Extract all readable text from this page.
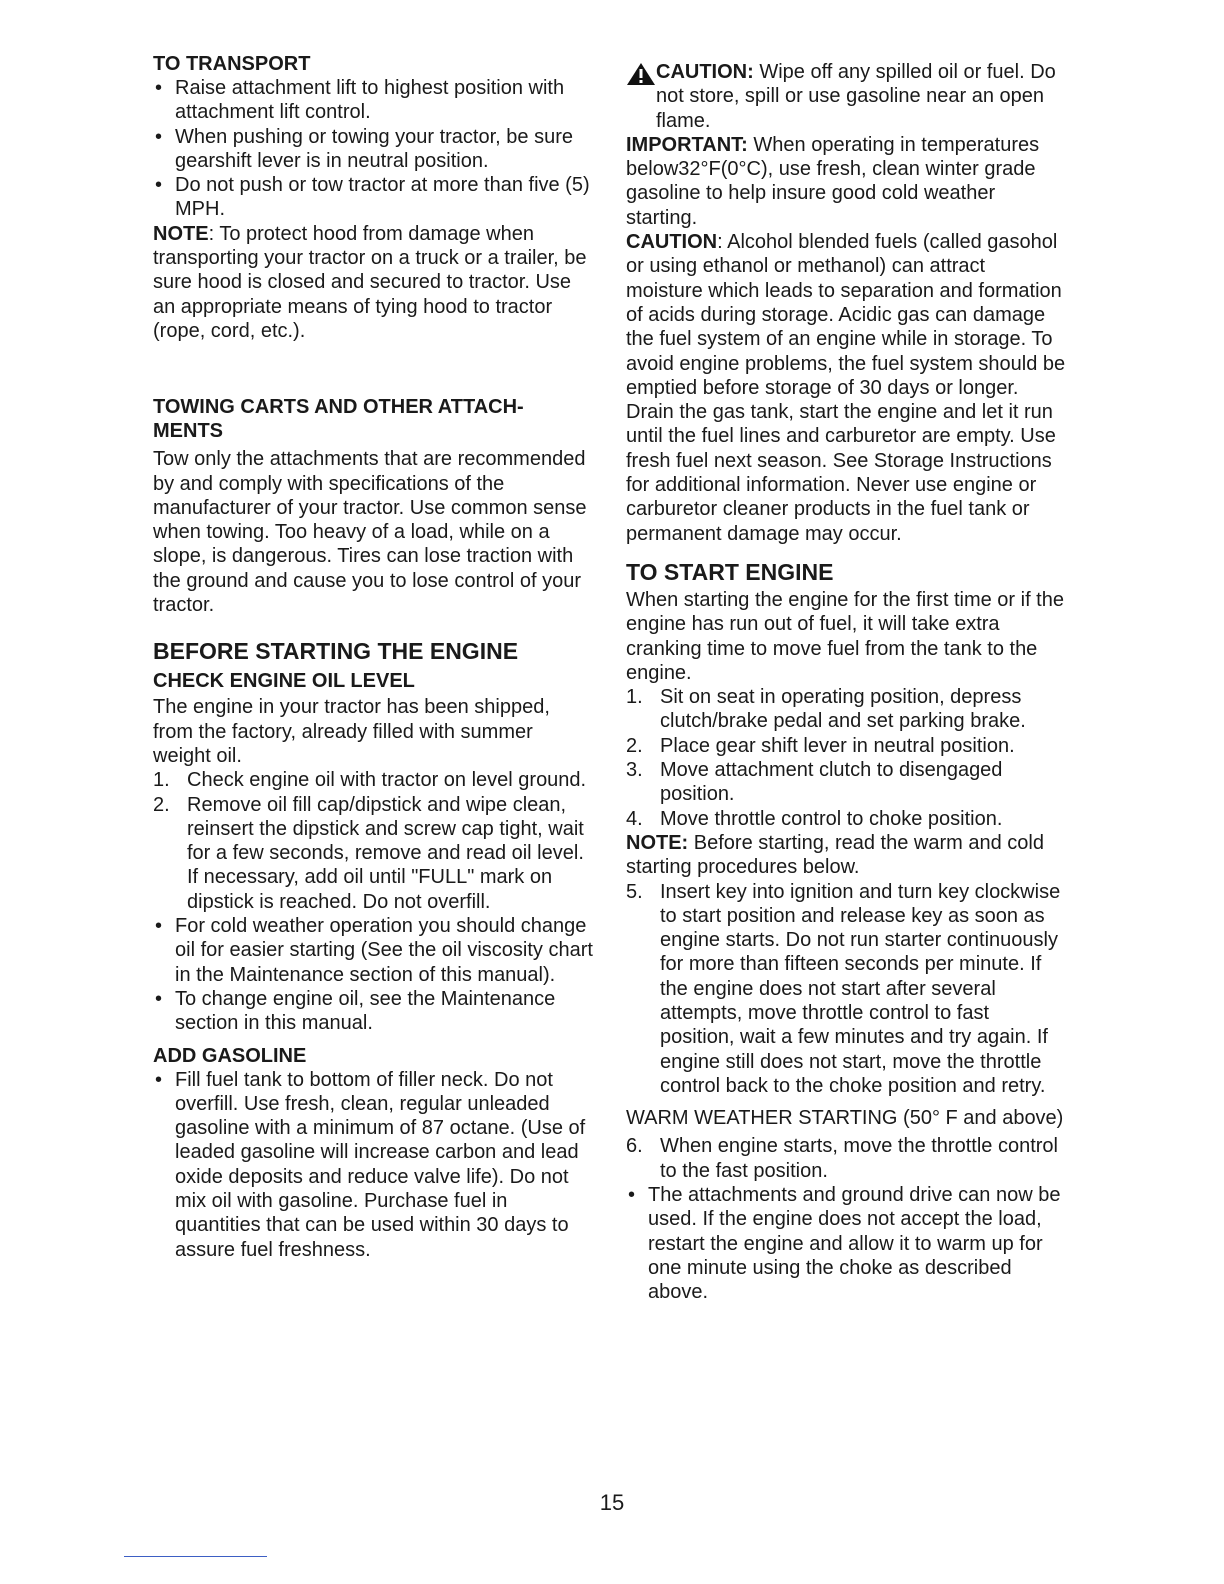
TO TRANSPORT
• Raise attachment lift to highest position with attachment lift control.
• When pushing or towing your tractor, be sure gearshift lever is in neutral position.
• Do not push or tow tractor at more than five (5) MPH.

NOTE: To protect hood from damage when transporting your tractor on a truck or a trailer, be sure hood is closed and secured to tractor. Use an appropriate means of tying hood to tractor (rope, cord, etc.).

TOWING CARTS AND OTHER ATTACH- MENTS

Tow only the attachments that are recommended by and comply with specifications of the manufacturer of your tractor. Use common sense when towing. Too heavy of a load, while on a slope, is dangerous. Tires can lose traction with the ground and cause you to lose control of your tractor.

BEFORE STARTING THE ENGINE
CHECK ENGINE OIL LEVEL

The engine in your tractor has been shipped, from the factory, already filled with summer weight oil.

1. Check engine oil with tractor on level ground.
2. Remove oil fill cap/dipstick and wipe clean, reinsert the dipstick and screw cap tight, wait for a few seconds, remove and read oil level. If necessary, add oil until "FULL" mark on dipstick is reached. Do not overfill.
• For cold weather operation you should change oil for easier starting (See the oil viscosity chart in the Maintenance section of this manual).
• To change engine oil, see the Maintenance section in this manual.
ADD GASOLINE
• Fill fuel tank to bottom of filler neck. Do not overfill. Use fresh, clean, regular unleaded gasoline with a minimum of 87 octane. (Use of leaded gasoline will increase carbon and lead oxide deposits and reduce valve life). Do not mix oil with gasoline. Purchase fuel in quantities that can be used within 30 days to assure fuel freshness.

CAUTION: Wipe off any spilled oil or fuel. Do not store, spill or use gasoline near an open flame.

IMPORTANT: When operating in temperatures below32°F(0°C), use fresh, clean winter grade gasoline to help insure good cold weather starting.

CAUTION: Alcohol blended fuels (called gasohol or using ethanol or methanol) can attract moisture which leads to separation and formation of acids during storage. Acidic gas can damage the fuel system of an engine while in storage. To avoid engine problems, the fuel system should be emptied before storage of 30 days or longer. Drain the gas tank, start the engine and let it run until the fuel lines and carburetor are empty. Use fresh fuel next season. See Storage Instructions for additional information. Never use engine or carburetor cleaner products in the fuel tank or permanent damage may occur.

TO START ENGINE

When starting the engine for the first time or if the engine has run out of fuel, it will take extra cranking time to move fuel from the tank to the engine.

1. Sit on seat in operating position, depress clutch/brake pedal and set parking brake.
2. Place gear shift lever in neutral position.
3. Move attachment clutch to disengaged position.
4. Move throttle control to choke position.

NOTE: Before starting, read the warm and cold starting procedures below.

5. Insert key into ignition and turn key clockwise to start position and release key as soon as engine starts. Do not run starter continuously for more than fifteen seconds per minute. If the engine does not start after several attempts, move throttle control to fast position, wait a few minutes and try again. If engine still does not start, move the throttle control back to the choke position and retry.

WARM WEATHER STARTING (50° F and above)

6. When engine starts, move the throttle control to the fast position.
• The attachments and ground drive can now be used. If the engine does not accept the load, restart the engine and allow it to warm up for one minute using the choke as described above.
15
